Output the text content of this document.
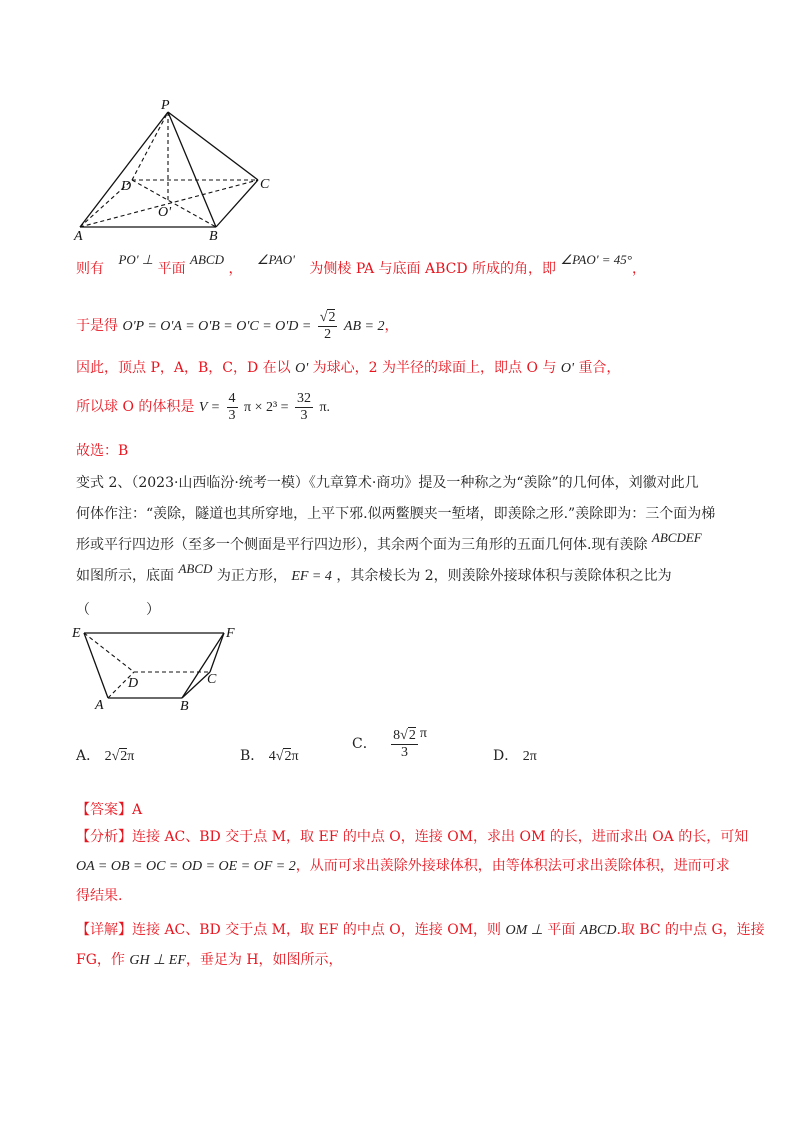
P
D	C
O'
A	B
则有 PO' ⊥ 平面 ABCD ， ∠PAO' 为侧棱 PA 与底面 ABCD 所成的角，即 ∠PAO' = 45°，
于是得 $O'P = O'A = O'B = O'C = O'D = \frac{√2}{2}$ AB = 2，
因此，顶点 P，A，B，C，D 在以 O' 为球心，2 为半径的球面上，即点 O 与 O' 重合，
所以球 O 的体积是 $V = \frac{4}{3}$ $\pi \times 2^3 = \frac{32}{3} \pi$.
故选：B
变式 2、（2023·山西临汾·统考一模）《九章算术·商功》提及一种称之为“羡除”的几何体，刘徽对此几
何体作注：“羡除，隧道也其所穿地，上平下邪.似两鳖腝夹一堑堵，即羡除之形.”羡除即为：三个面为梯
形或平行四边形（至多一个侧面是平行四边形），其余两个面为三角形的五面几何体.现有羡除 ABCDEF
如图所示，底面 ABCD 为正方形， EF = 4 ，其余棱长为 2，则羡除外接球体积与羡除体积之比为
（　　　　）
E	F
D	C
A	B
A． 2√2π	B． 4√2π
C． $\frac{8√2}{3}$ π
D． 2π
【答案】A
【分析】连接 AC、BD 交于点 M，取 EF 的中点 O，连接 OM，求出 OM 的长，进而求出 OA 的长，可知
OA = OB = OC = OD = OE = OF = 2，从而可求出羡除外接球体积，由等体积法可求出羡除体积，进而可求
得结果.
【详解】连接 AC、BD 交于点 M，取 EF 的中点 O，连接 OM，则 OM ⊥ 平面 ABCD.取 BC 的中点 G，连接
FG，作 GH ⊥ EF，垂足为 H，如图所示，
